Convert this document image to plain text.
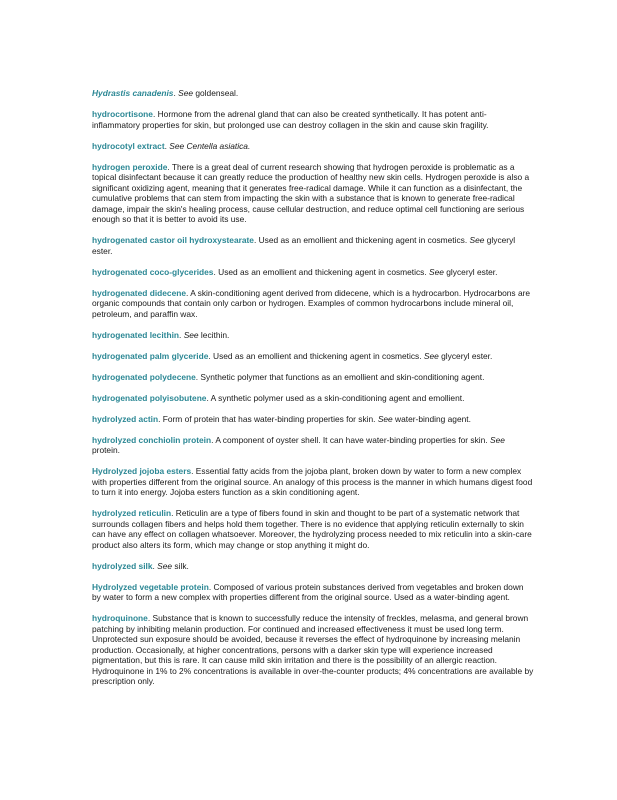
Hydrastis canadenis. See goldenseal.

hydrocortisone. Hormone from the adrenal gland that can also be created synthetically. It has potent anti-inflammatory properties for skin, but prolonged use can destroy collagen in the skin and cause skin fragility.

hydrocotyl extract. See Centella asiatica.

hydrogen peroxide. There is a great deal of current research showing that hydrogen peroxide is problematic as a topical disinfectant because it can greatly reduce the production of healthy new skin cells. Hydrogen peroxide is also a significant oxidizing agent, meaning that it generates free-radical damage. While it can function as a disinfectant, the cumulative problems that can stem from impacting the skin with a substance that is known to generate free-radical damage, impair the skin's healing process, cause cellular destruction, and reduce optimal cell functioning are serious enough so that it is better to avoid its use.

hydrogenated castor oil hydroxystearate. Used as an emollient and thickening agent in cosmetics. See glyceryl ester.

hydrogenated coco-glycerides. Used as an emollient and thickening agent in cosmetics. See glyceryl ester.

hydrogenated didecene. A skin-conditioning agent derived from didecene, which is a hydrocarbon. Hydrocarbons are organic compounds that contain only carbon or hydrogen. Examples of common hydrocarbons include mineral oil, petroleum, and paraffin wax.

hydrogenated lecithin. See lecithin.

hydrogenated palm glyceride. Used as an emollient and thickening agent in cosmetics. See glyceryl ester.

hydrogenated polydecene. Synthetic polymer that functions as an emollient and skin-conditioning agent.

hydrogenated polyisobutene. A synthetic polymer used as a skin-conditioning agent and emollient.

hydrolyzed actin. Form of protein that has water-binding properties for skin. See water-binding agent.

hydrolyzed conchiolin protein. A component of oyster shell. It can have water-binding properties for skin. See protein.

Hydrolyzed jojoba esters. Essential fatty acids from the jojoba plant, broken down by water to form a new complex with properties different from the original source. An analogy of this process is the manner in which humans digest food to turn it into energy. Jojoba esters function as a skin conditioning agent.

hydrolyzed reticulin. Reticulin are a type of fibers found in skin and thought to be part of a systematic network that surrounds collagen fibers and helps hold them together. There is no evidence that applying reticulin externally to skin can have any effect on collagen whatsoever. Moreover, the hydrolyzing process needed to mix reticulin into a skin-care product also alters its form, which may change or stop anything it might do.

hydrolyzed silk. See silk.

Hydrolyzed vegetable protein. Composed of various protein substances derived from vegetables and broken down by water to form a new complex with properties different from the original source. Used as a water-binding agent.

hydroquinone. Substance that is known to successfully reduce the intensity of freckles, melasma, and general brown patching by inhibiting melanin production. For continued and increased effectiveness it must be used long term. Unprotected sun exposure should be avoided, because it reverses the effect of hydroquinone by increasing melanin production. Occasionally, at higher concentrations, persons with a darker skin type will experience increased pigmentation, but this is rare. It can cause mild skin irritation and there is the possibility of an allergic reaction. Hydroquinone in 1% to 2% concentrations is available in over-the-counter products; 4% concentrations are available by prescription only.
